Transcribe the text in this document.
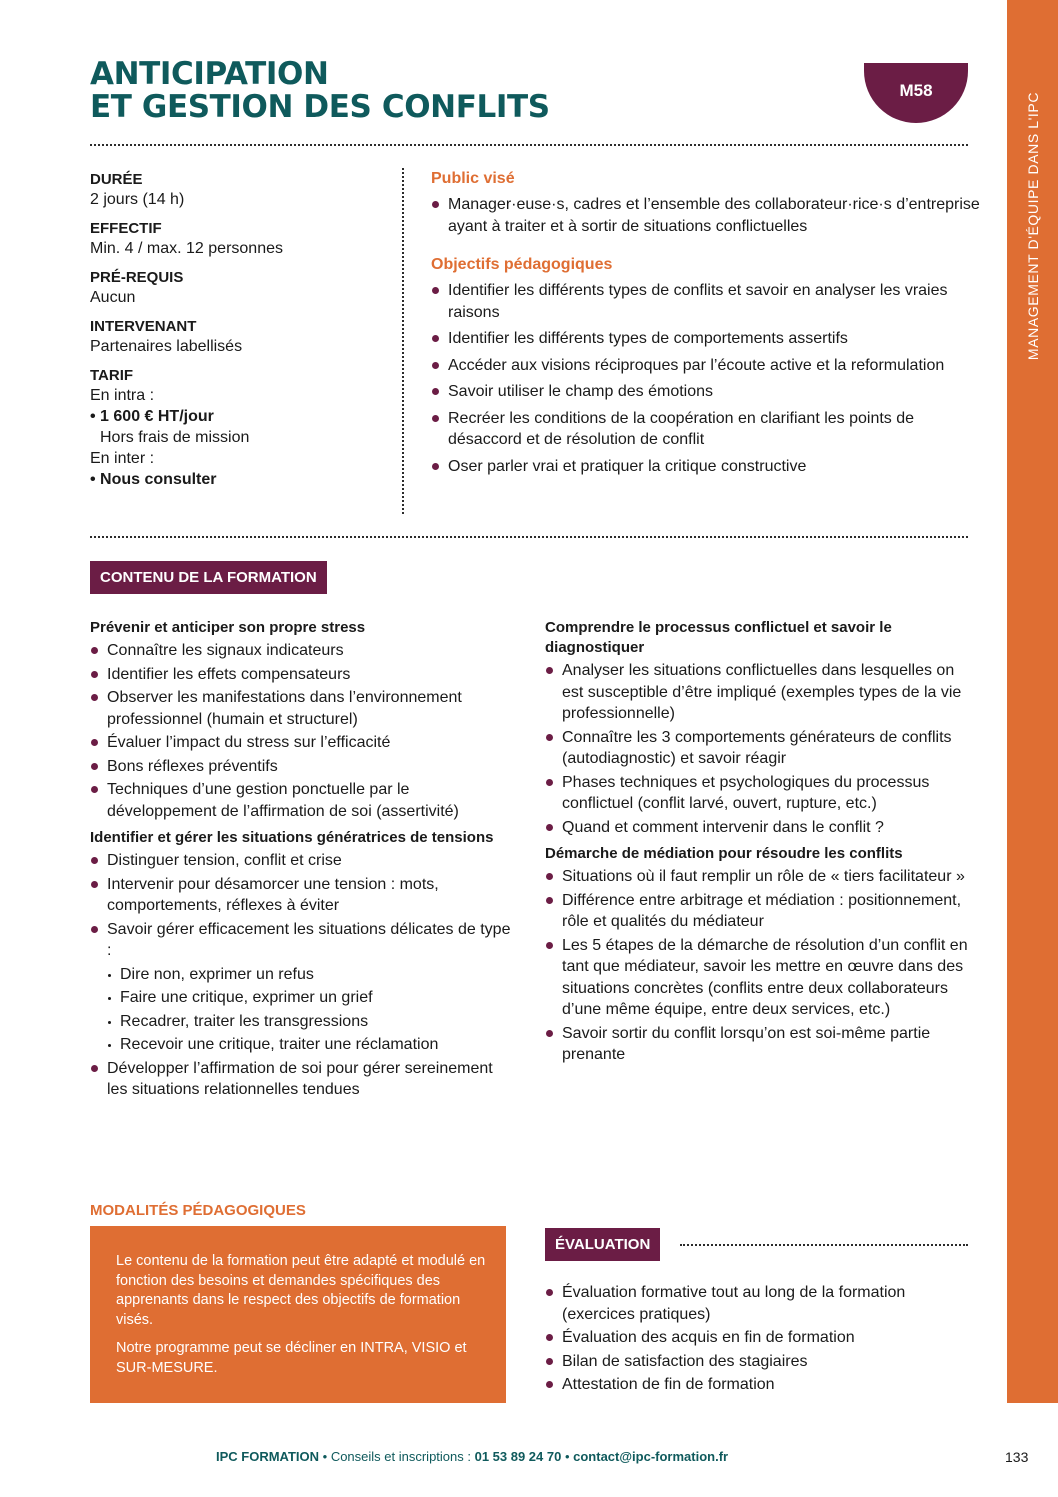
MANAGEMENT D'ÉQUIPE DANS L'IPC
ANTICIPATION
ET GESTION DES CONFLITS	M58
DURÉE
2 jours (14 h)
EFFECTIF
Min. 4 / max. 12 personnes
PRÉ-REQUIS
Aucun
INTERVENANT
Partenaires labellisés
TARIF
En intra :
• 1 600 € HT/jour
Hors frais de mission
En inter :
• Nous consulter
Public visé
Manager·euse·s, cadres et l’ensemble des collaborateur·rice·s d’entreprise ayant à traiter et à sortir de situations conflictuelles
Objectifs pédagogiques
Identifier les différents types de conflits et savoir en analyser les vraies raisons
Identifier les différents types de comportements assertifs
Accéder aux visions réciproques par l’écoute active et la reformulation
Savoir utiliser le champ des émotions
Recréer les conditions de la coopération en clarifiant les points de désaccord et de résolution de conflit
Oser parler vrai et pratiquer la critique constructive
CONTENU DE LA FORMATION
Prévenir et anticiper son propre stress
Connaître les signaux indicateurs
Identifier les effets compensateurs
Observer les manifestations dans l’environnement professionnel (humain et structurel)
Évaluer l’impact du stress sur l’efficacité
Bons réflexes préventifs
Techniques d’une gestion ponctuelle par le développement de l’affirmation de soi (assertivité)
Identifier et gérer les situations génératrices de tensions
Distinguer tension, conflit et crise
Intervenir pour désamorcer une tension : mots, comportements, réflexes à éviter
Savoir gérer efficacement les situations délicates de type :
Dire non, exprimer un refus
Faire une critique, exprimer un grief
Recadrer, traiter les transgressions
Recevoir une critique, traiter une réclamation
Développer l’affirmation de soi pour gérer sereinement les situations relationnelles tendues
Comprendre le processus conflictuel et savoir le diagnostiquer
Analyser les situations conflictuelles dans lesquelles on est susceptible d’être impliqué (exemples types de la vie professionnelle)
Connaître les 3 comportements générateurs de conflits (autodiagnostic) et savoir réagir
Phases techniques et psychologiques du processus conflictuel (conflit larvé, ouvert, rupture, etc.)
Quand et comment intervenir dans le conflit ?
Démarche de médiation pour résoudre les conflits
Situations où il faut remplir un rôle de « tiers facilitateur »
Différence entre arbitrage et médiation : positionnement, rôle et qualités du médiateur
Les 5 étapes de la démarche de résolution d’un conflit en tant que médiateur, savoir les mettre en œuvre dans des situations concrètes (conflits entre deux collaborateurs d’une même équipe, entre deux services, etc.)
Savoir sortir du conflit lorsqu’on est soi-même partie prenante
MODALITÉS PÉDAGOGIQUES

Le contenu de la formation peut être adapté et modulé en fonction des besoins et demandes spécifiques des apprenants dans le respect des objectifs de formation visés.

Notre programme peut se décliner en INTRA, VISIO et SUR-MESURE.

ÉVALUATION
Évaluation formative tout au long de la formation (exercices pratiques)
Évaluation des acquis en fin de formation
Bilan de satisfaction des stagiaires
Attestation de fin de formation
IPC FORMATION • Conseils et inscriptions : 01 53 89 24 70 • contact@ipc-formation.fr	133
